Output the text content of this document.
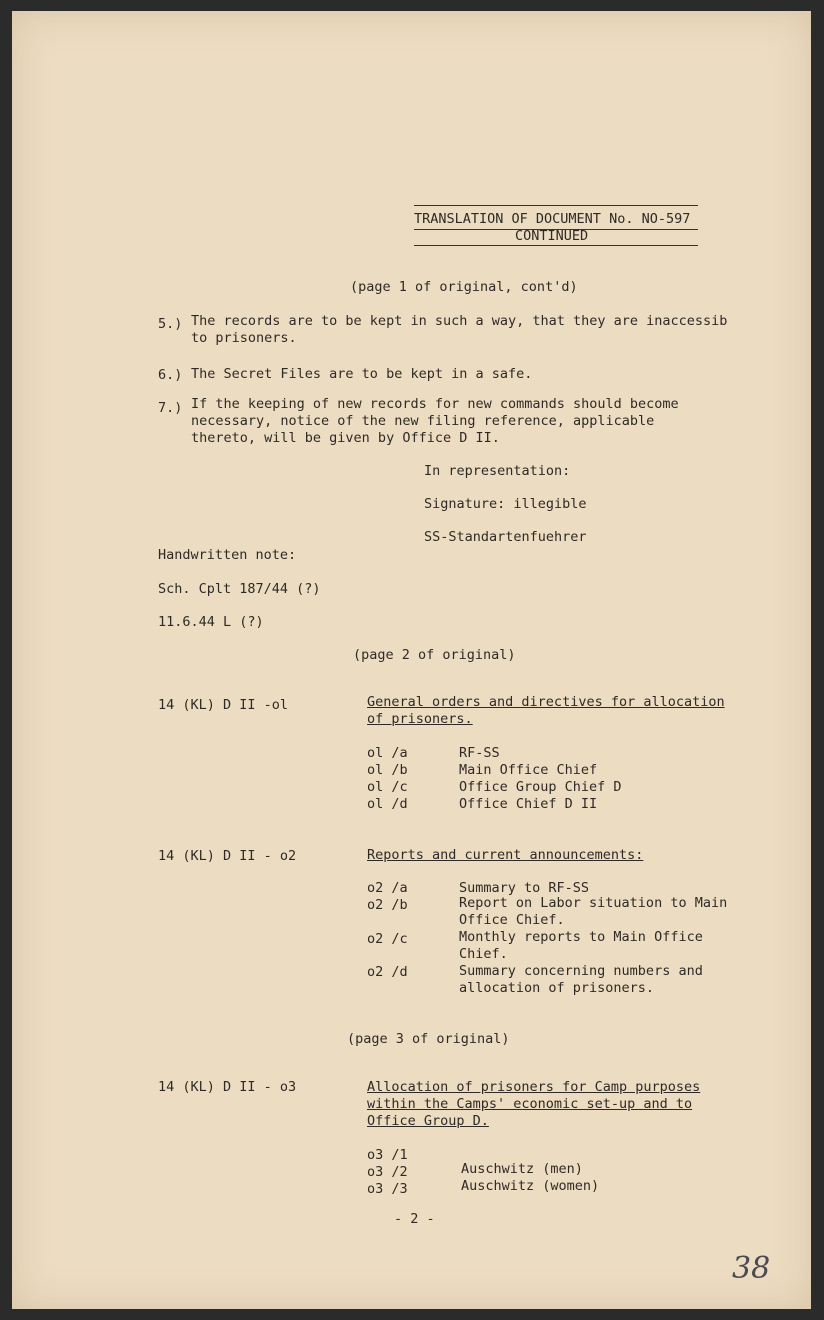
TRANSLATION OF DOCUMENT No. NO-597
CONTINUED
(page 1 of original, cont'd)
5.) The records are to be kept in such a way, that they are inaccessib
to prisoners.
6.) The Secret Files are to be kept in a safe.
7.) If the keeping of new records for new commands should become
necessary, notice of the new filing reference, applicable
thereto, will be given by Office D II.
In representation:
Signature: illegible
SS-Standartenfuehrer
Handwritten note:
Sch. Cplt 187/44 (?)
11.6.44 L (?)
(page 2 of original)
14 (KL) D II -ol	General orders and directives for allocation
of prisoners.
ol /a	RF-SS
ol /b	Main Office Chief
ol /c	Office Group Chief D
ol /d	Office Chief D II
14 (KL) D II - o2	Reports and current announcements:
o2 /a	Summary to RF-SS
o2 /b	Report on Labor situation to Main
Office Chief.
o2 /c	Monthly reports to Main Office
Chief.
o2 /d	Summary concerning numbers and
allocation of prisoners.
(page 3 of original)
14 (KL) D II - o3	Allocation of prisoners for Camp purposes
within the Camps' economic set-up and to
Office Group D.
o3 /1
o3 /2	Auschwitz (men)
o3 /3	Auschwitz (women)
- 2 -
38
